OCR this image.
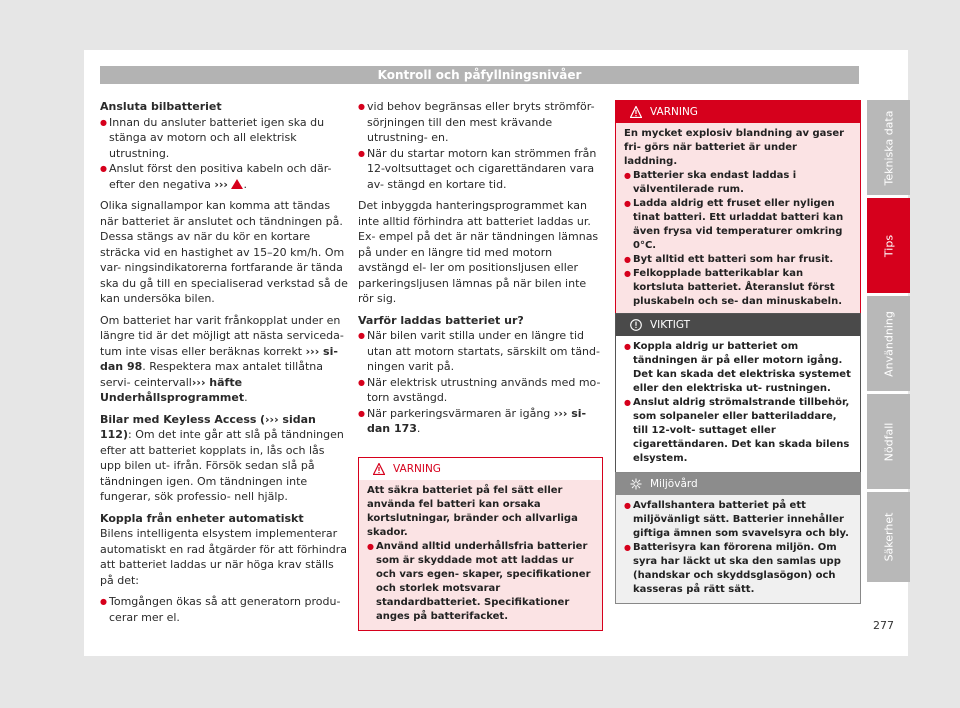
Kontroll och påfyllningsnivåer

Ansluta bilbatteriet

● Innan du ansluter batteriet igen ska du stänga av motorn och all elektrisk utrustning.

● Anslut först den positiva kabeln och där- efter den negativa ››› .

Olika signallampor kan komma att tändas när batteriet är anslutet och tändningen på. Dessa stängs av när du kör en kortare sträcka vid en hastighet av 15–20 km/h. Om var- ningsindikatorerna fortfarande är tända ska du gå till en specialiserad verkstad så de kan undersöka bilen.

Om batteriet har varit frånkopplat under en längre tid är det möjligt att nästa serviceda- tum inte visas eller beräknas korrekt ››› si- dan 98. Respektera max antalet tillåtna servi- ceintervall››› häfte Underhållsprogrammet.

Bilar med Keyless Access (››› sidan 112): Om det inte går att slå på tändningen efter att batteriet kopplats in, lås och lås upp bilen ut- ifrån. Försök sedan slå på tändningen igen. Om tändningen inte fungerar, sök professio- nell hjälp.

Koppla från enheter automatiskt

Bilens intelligenta elsystem implementerar automatiskt en rad åtgärder för att förhindra att batteriet laddas ur när höga krav ställs på det:

● Tomgången ökas så att generatorn produ- cerar mer el.

● vid behov begränsas eller bryts strömför- sörjningen till den mest krävande utrustning- en.

● När du startar motorn kan strömmen från 12-voltsuttaget och cigarettändaren vara av- stängd en kortare tid.

Det inbyggda hanteringsprogrammet kan inte alltid förhindra att batteriet laddas ur. Ex- empel på det är när tändningen lämnas på under en längre tid med motorn avstängd el- ler om positionsljusen eller parkeringsljusen lämnas på när bilen inte rör sig.

Varför laddas batteriet ur?

● När bilen varit stilla under en längre tid utan att motorn startats, särskilt om tänd- ningen varit på.

● När elektrisk utrustning används med mo- torn avstängd.

● När parkeringsvärmaren är igång ››› si- dan 173.

VARNING

Att säkra batteriet på fel sätt eller använda fel batteri kan orsaka kortslutningar, bränder och allvarliga skador.

● Använd alltid underhållsfria batterier som är skyddade mot att laddas ur och vars egen- skaper, specifikationer och storlek motsvarar standardbatteriet. Specifikationer anges på batterifacket.

VARNING

En mycket explosiv blandning av gaser fri- görs när batteriet är under laddning.

● Batterier ska endast laddas i välventilerade rum.

● Ladda aldrig ett fruset eller nyligen tinat batteri. Ett urladdat batteri kan även frysa vid temperaturer omkring 0°C.

● Byt alltid ett batteri som har frusit.

● Felkopplade batterikablar kan kortsluta batteriet. Återanslut först pluskabeln och se- dan minuskabeln.

VIKTIGT

● Koppla aldrig ur batteriet om tändningen är på eller motorn igång. Det kan skada det elektriska systemet eller den elektriska ut- rustningen.

● Anslut aldrig strömalstrande tillbehör, som solpaneler eller batteriladdare, till 12-volt- suttaget eller cigarettändaren. Det kan skada bilens elsystem.

Miljövård

● Avfallshantera batteriet på ett miljövänligt sätt. Batterier innehåller giftiga ämnen som svavelsyra och bly.

● Batterisyra kan förorena miljön. Om syra har läckt ut ska den samlas upp (handskar och skyddsglasögon) och kasseras på rätt sätt.

Tekniska data
Tips
Användning
Nödfall
Säkerhet
277
